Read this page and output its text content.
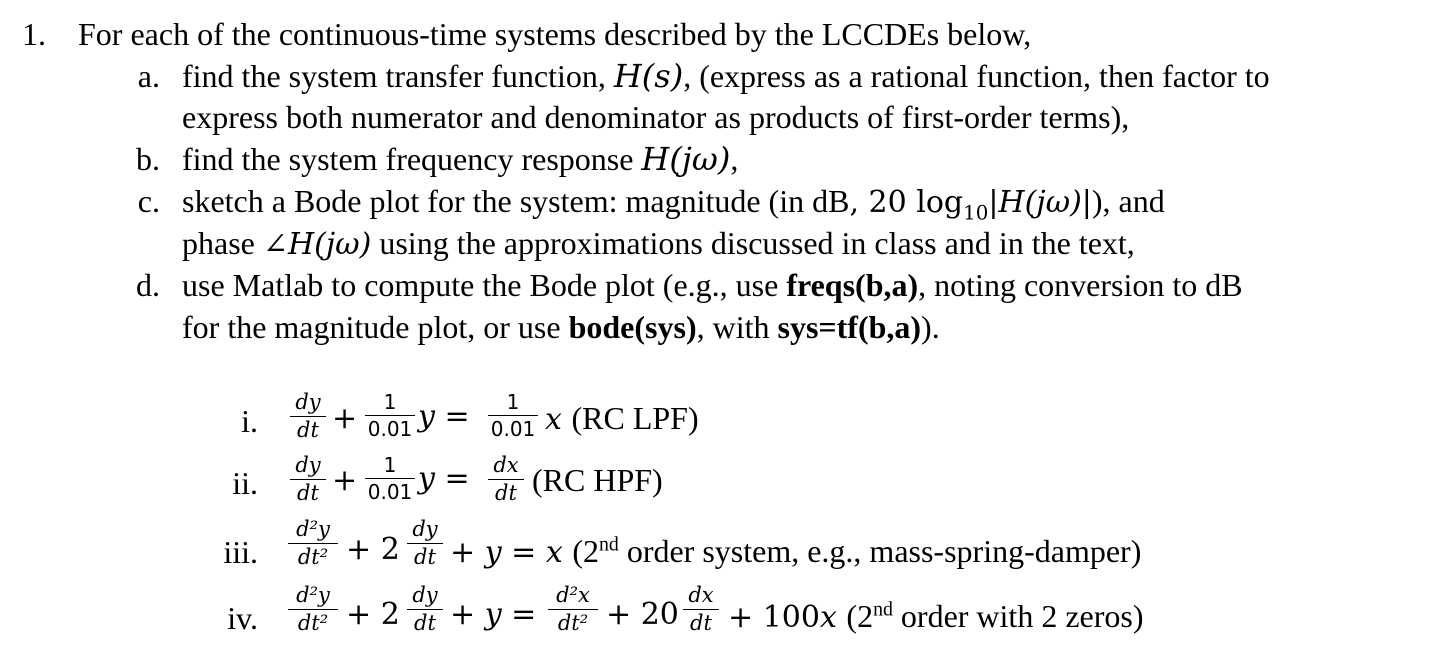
1. For each of the continuous-time systems described by the LCCDEs below,
a. find the system transfer function, H(s), (express as a rational function, then factor to
express both numerator and denominator as products of first-order terms),
b. find the system frequency response H(jω),
c. sketch a Bode plot for the system: magnitude (in dB, 20 $\log_{10}|H(j\omega)|$), and
phase ∠H(jω) using the approximations discussed in class and in the text,
d. use Matlab to compute the Bode plot (e.g., use freqs(b,a), noting conversion to dB
for the magnitude plot, or use bode(sys), with sys=tf(b,a)).
i.
dy
dt +	1
0.01 y =	1
0.01 x (RC LPF)
ii. dy
dt +	1
0.01 y = dx
dt (RC HPF)
iii.
d²y
dt² + 2
dy
dt + y = x (2nd order system, e.g., mass-spring-damper)
iv.
d²y
dt² + 2
dy
dt + y =
d²x
dt² + 20
dx
dt + 100x (2nd order with 2 zeros)
